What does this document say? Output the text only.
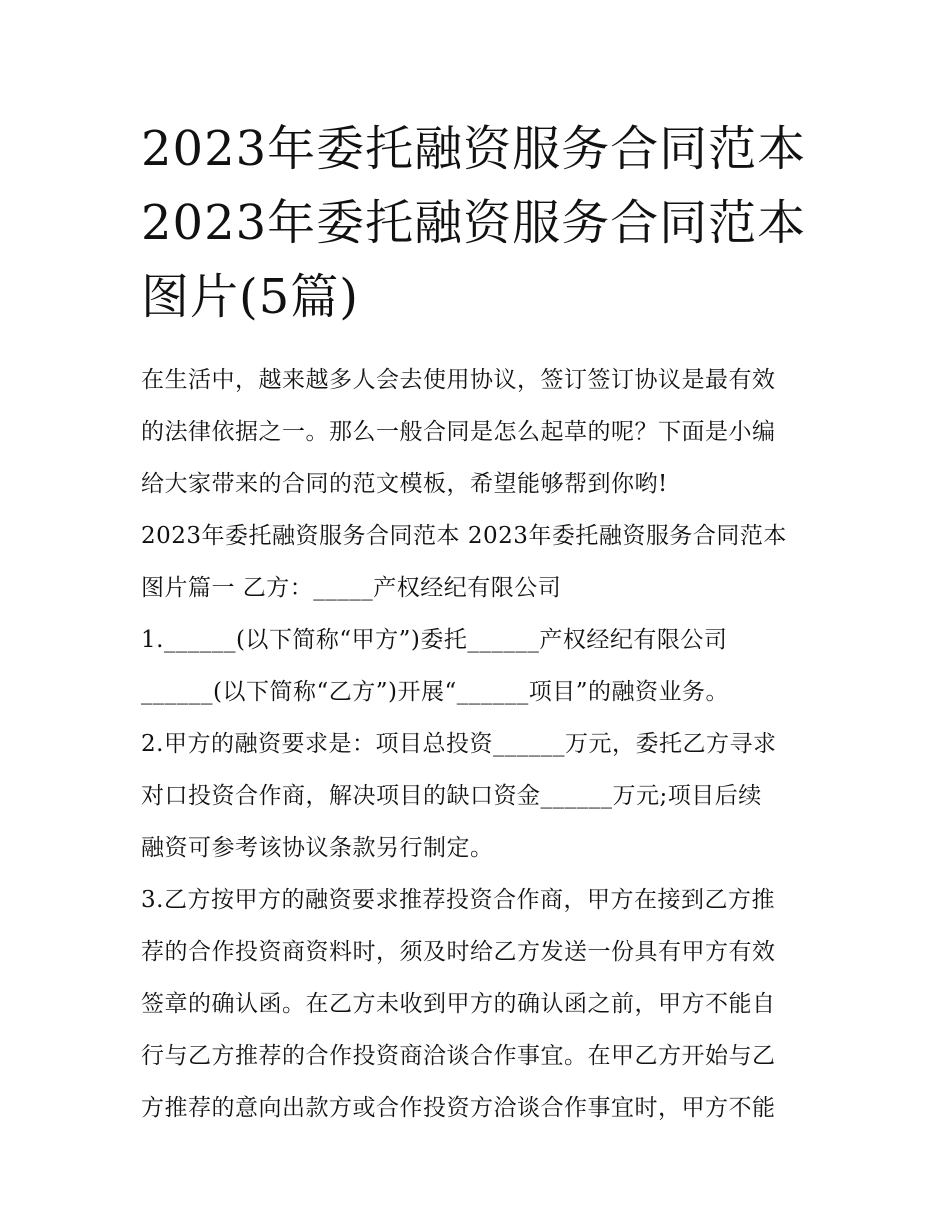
2023年委托融资服务合同范本
2023年委托融资服务合同范本
图片(5篇)
在生活中，越来越多人会去使用协议，签订签订协议是最有效
的法律依据之一。那么一般合同是怎么起草的呢？下面是小编
给大家带来的合同的范文模板，希望能够帮到你哟!
2023年委托融资服务合同范本 2023年委托融资服务合同范本
图片篇一 乙方：_____产权经纪有限公司
1.______(以下简称“甲方”)委托______产权经纪有限公司
______(以下简称“乙方”)开展“______项目”的融资业务。
2.甲方的融资要求是：项目总投资______万元，委托乙方寻求
对口投资合作商，解决项目的缺口资金______万元;项目后续
融资可参考该协议条款另行制定。
3.乙方按甲方的融资要求推荐投资合作商，甲方在接到乙方推
荐的合作投资商资料时，须及时给乙方发送一份具有甲方有效
签章的确认函。在乙方未收到甲方的确认函之前，甲方不能自
行与乙方推荐的合作投资商洽谈合作事宜。在甲乙方开始与乙
方推荐的意向出款方或合作投资方洽谈合作事宜时，甲方不能
